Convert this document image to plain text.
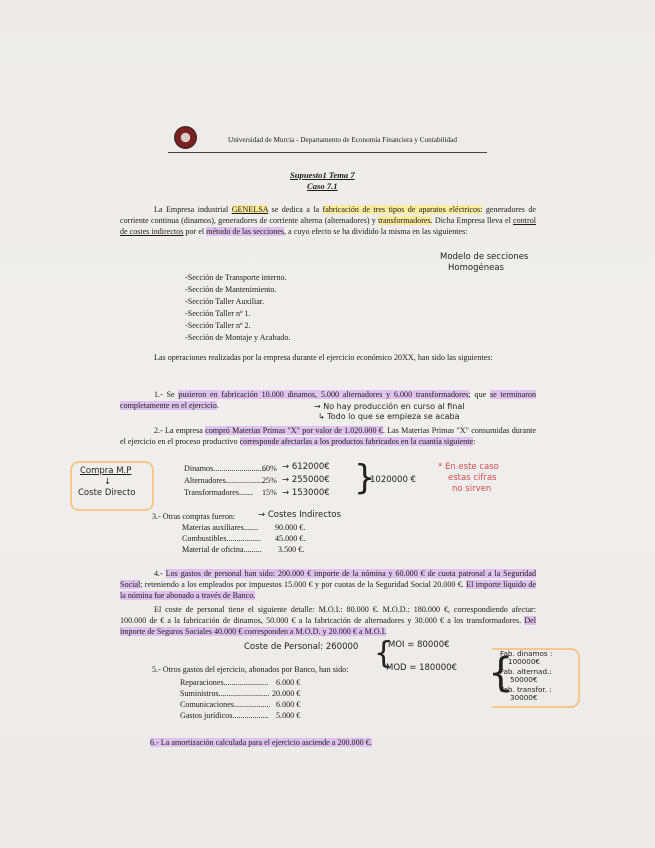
Universidad de Murcia - Departamento de Economía Financiera y Contabilidad
Supuesto1 Tema 7
Caso 7.1
La Empresa industrial GENELSA se dedica a la fabricación de tres tipos de aparatos eléctricos: generadores de corriente continua (dinamos), generadores de corriente alterna (alternadores) y transformadores. Dicha Empresa lleva el control de costes indirectos por el método de las secciones, a cuyo efecto se ha dividido la misma en las siguientes:
Modelo de secciones
Homogéneas
-Sección de Transporte interno.
-Sección de Mantenimiento.
-Sección Taller Auxiliar.
-Sección Taller nº 1.
-Sección Taller nº 2.
-Sección de Montaje y Acabado.
Las operaciones realizadas por la empresa durante el ejercicio económico 20XX, han sido las siguientes:
1.- Se pusieron en fabricación 10.000 dinamos, 5.000 alternadores y 6.000 transformadores; que se terminaron completamente en el ejercicio.	→ No hay producción en curso al final
↳ Todo lo que se empieza se acaba
2.- La empresa compró Materias Primas "X" por valor de 1.020.000 €. Las Materias Primas "X" consumidas durante el ejercicio en el proceso productivo corresponde afectarlas a los productos fabricados en la cuantía siguiente:
Compra M.P
↓
Coste Directo
Dinamos..........................
60%
Alternadores...................
25%
Transformadores....... 15%
→ 612000€
→ 255000€
→ 153000€ }
1020000 €
* En este caso
estas cifras
no sirven
3.- Otras compras fueron:	→ Costes Indirectos
Materias auxiliares....... 90.000 €.
Combustibles................. 45.000 €.
Material de oficina......... 3.500 €.
4.- Los gastos de personal han sido: 200.000 € importe de la nómina y 60.000 € de cuota patronal a la Seguridad Social; reteniendo a los empleados por impuestos 15.000 € y por cuotas de la Seguridad Social 20.000 €. El importe líquido de la nómina fue abonado a través de Banco.
El coste de personal tiene el siguiente detalle: M.O.I.: 80.000 €. M.O.D.: 180.000 €, correspondiendo afectar: 100.000 de € a la fabricación de dinamos, 50.000 € a la fabricación de alternadores y 30.000 € a los transformadores. Del importe de Seguros Sociales 40.000 € corresponden a M.O.D. y 20.000 € a M.O.I.
Coste de Personal: 260000 {
MOI = 80000€
MOD = 180000€ {
Fab. dinamos :
100000€
Fab. alternad.:
50000€
Fab. transfor. :
30000€
5.- Otros gastos del ejercicio, abonados por Banco, han sido:
Reparaciones...................... 6.000 €
Suministros......................... 20.000 €
Comunicaciones.................. 6.000 €
Gastos jurídicos.................. 5.000 €
6.- La amortización calculada para el ejercicio asciende a 200.000 €.
